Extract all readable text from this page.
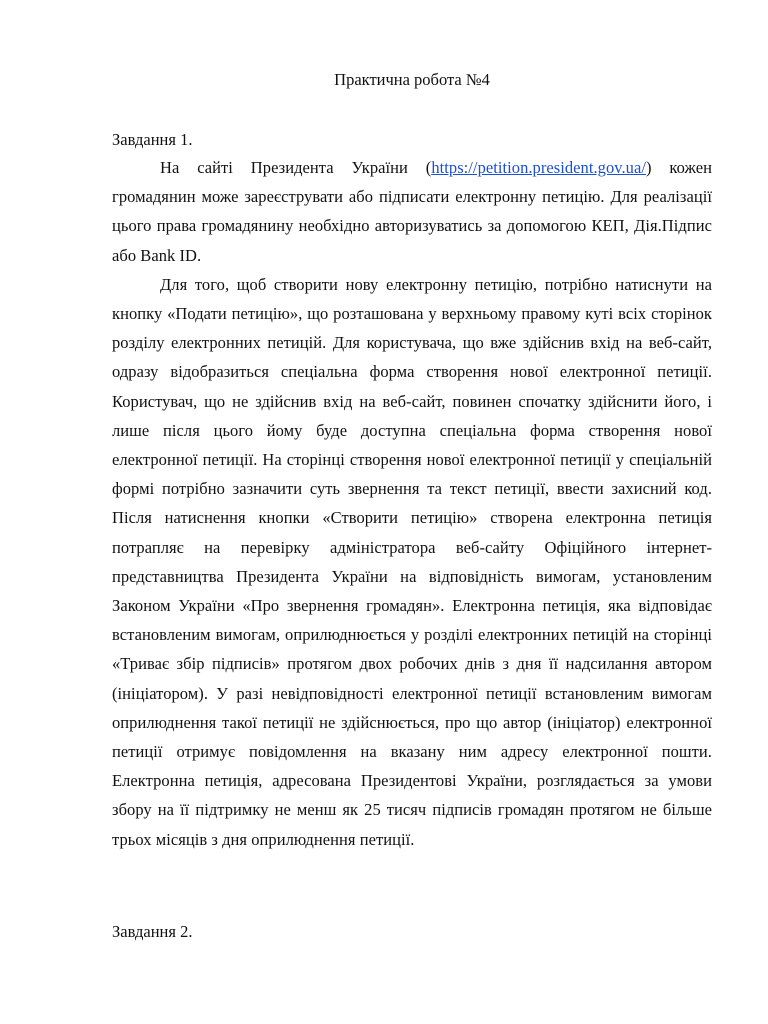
Практична робота №4
Завдання 1.

На сайті Президента України (https://petition.president.gov.ua/) кожен громадянин може зареєструвати або підписати електронну петицію. Для реалізації цього права громадянину необхідно авторизуватись за допомогою КЕП, Дія.Підпис або Bank ID.

Для того, щоб створити нову електронну петицію, потрібно натиснути на кнопку «Подати петицію», що розташована у верхньому правому куті всіх сторінок розділу електронних петицій. Для користувача, що вже здійснив вхід на веб-сайт, одразу відобразиться спеціальна форма створення нової електронної петиції. Користувач, що не здійснив вхід на веб-сайт, повинен спочатку здійснити його, і лише після цього йому буде доступна спеціальна форма створення нової електронної петиції. На сторінці створення нової електронної петиції у спеціальній формі потрібно зазначити суть звернення та текст петиції, ввести захисний код. Після натиснення кнопки «Створити петицію» створена електронна петиція потрапляє на перевірку адміністратора веб-сайту Офіційного інтернет-представництва Президента України на відповідність вимогам, установленим Законом України «Про звернення громадян». Електронна петиція, яка відповідає встановленим вимогам, оприлюднюється у розділі електронних петицій на сторінці «Триває збір підписів» протягом двох робочих днів з дня її надсилання автором (ініціатором). У разі невідповідності електронної петиції встановленим вимогам оприлюднення такої петиції не здійснюється, про що автор (ініціатор) електронної петиції отримує повідомлення на вказану ним адресу електронної пошти. Електронна петиція, адресована Президентові України, розглядається за умови збору на її підтримку не менш як 25 тисяч підписів громадян протягом не більше трьох місяців з дня оприлюднення петиції.

Завдання 2.
